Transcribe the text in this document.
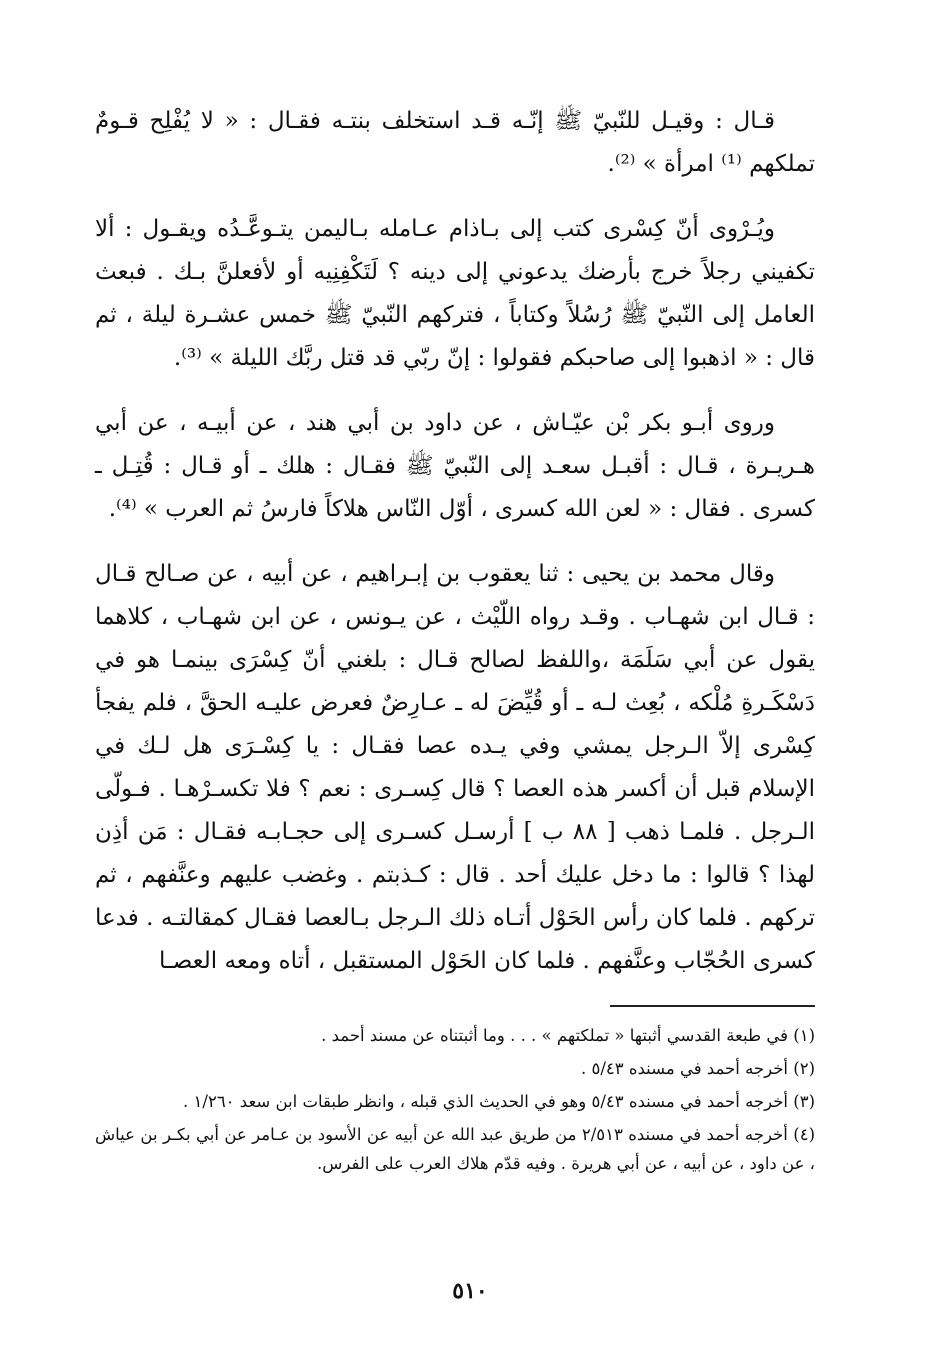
قـال : وقيـل للنّبيّ ﷺ إنّـه قـد استخلف بنتـه فقـال : « لا يُفْلِح قـومٌ تملكهم ⁽¹⁾ امرأة » ⁽²⁾.

ويُـرْوى أنّ كِسْرى كتب إلى بـاذام عـامله بـاليمن يتـوعَّـدُه ويقـول : ألا تكفيني رجلاً خرج بأرضك يدعوني إلى دينه ؟ لَتَكْفِنِيه أو لأفعلنَّ بـك . فبعث العامل إلى النّبيّ ﷺ رُسُلاً وكتاباً ، فتركهم النّبيّ ﷺ خمس عشـرة ليلة ، ثم قال : « اذهبوا إلى صاحبكم فقولوا : إنّ ربّي قد قتل ربَّك الليلة » ⁽³⁾.

وروى أبـو بكر بْن عيّـاش ، عن داود بن أبي هند ، عن أبيـه ، عن أبي هـريـرة ، قـال : أقبـل سعـد إلى النّبيّ ﷺ فقـال : هلك ـ أو قـال : قُتِـل ـ كسرى . فقال : « لعن الله كسرى ، أوّل النّاس هلاكاً فارسُ ثم العرب » ⁽⁴⁾.

وقال محمد بن يحيى : ثنا يعقوب بن إبـراهيم ، عن أبيه ، عن صـالح قـال : قـال ابن شهـاب . وقـد رواه اللّيْث ، عن يـونس ، عن ابن شهـاب ، كلاهما يقول عن أبي سَلَمَة ،واللفظ لصالح قـال : بلغني أنّ كِسْرَى بينمـا هو في دَسْكَـرةِ مُلْكه ، بُعِث لـه ـ أو قُيِّضَ له ـ عـارِضٌ فعرض عليـه الحقَّ ، فلم يفجأ كِسْرى إلاّ الـرجل يمشي وفي يـده عصا فقـال : يا كِسْـرَى هل لـك في الإسلام قبل أن أكسر هذه العصا ؟ قال كِسـرى : نعم ؟ فلا تكسـرْهـا . فـولّى الـرجل . فلمـا ذهب [ ٨٨ ب ] أرسـل كسـرى إلى حجـابـه فقـال : مَن أذِن لهذا ؟ قالوا : ما دخل عليك أحد . قال : كـذبتم . وغضب عليهم وعنَّفهم ، ثم تركهم . فلما كان رأس الحَوْل أتـاه ذلك الـرجل بـالعصا فقـال كمقالتـه . فدعا كسرى الحُجّاب وعنَّفهم . فلما كان الحَوْل المستقبل ، أتاه ومعه العصـا

(١) في طبعة القدسي أثبتها « تملكتهم » . . . وما أثبتناه عن مسند أحمد .

(٢) أخرجه أحمد في مسنده ٥/٤٣ .

(٣) أخرجه أحمد في مسنده ٥/٤٣ وهو في الحديث الذي قبله ، وانظر طبقات ابن سعد ١/٢٦٠ .

(٤) أخرجه أحمد في مسنده ٢/٥١٣ من طريق عبد الله عن أبيه عن الأسود بن عـامر عن أبي بكـر بن عياش ، عن داود ، عن أبيه ، عن أبي هريرة . وفيه قدّم هلاك العرب على الفرس.

٥١٠
